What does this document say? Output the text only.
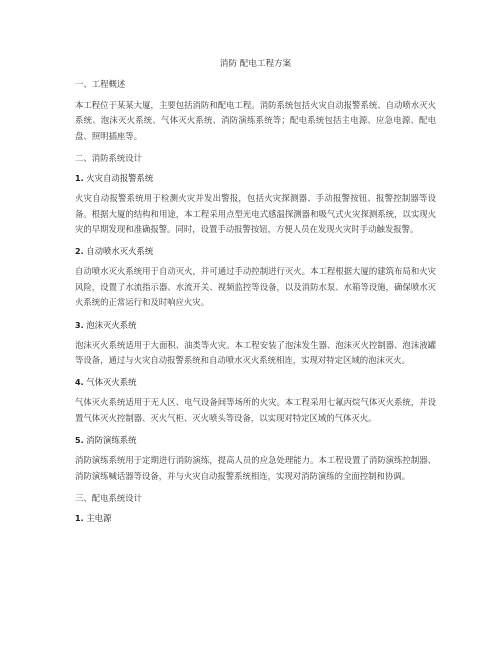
消防 配电工程方案
一、工程概述
本工程位于某某大厦，主要包括消防和配电工程。消防系统包括火灾自动报警系统、自动喷水灭火系统、泡沫灭火系统、气体灭火系统、消防演练系统等；配电系统包括主电源、应急电源、配电盘、照明插座等。
二、消防系统设计
1. 火灾自动报警系统
火灾自动报警系统用于检测火灾并发出警报，包括火灾探测器、手动报警按钮、报警控制器等设备。根据大厦的结构和用途，本工程采用点型光电式感温探测器和吸气式火灾探测系统，以实现火灾的早期发现和准确报警。同时，设置手动报警按钮，方便人员在发现火灾时手动触发报警。
2. 自动喷水灭火系统
自动喷水灭火系统用于自动灭火，并可通过手动控制进行灭火。本工程根据大厦的建筑布局和火灾风险，设置了水流指示器、水流开关、视频监控等设备，以及消防水泵、水箱等设施，确保喷水灭火系统的正常运行和及时响应火灾。
3. 泡沫灭火系统
泡沫灭火系统适用于大面积、油类等火灾。本工程安装了泡沫发生器、泡沫灭火控制器、泡沫液罐等设备，通过与火灾自动报警系统和自动喷水灭火系统相连，实现对特定区域的泡沫灭火。
4. 气体灭火系统
气体灭火系统适用于无人区、电气设备间等场所的火灾。本工程采用七氟丙烷气体灭火系统，并设置气体灭火控制器、灭火气柜、灭火喷头等设备，以实现对特定区域的气体灭火。
5. 消防演练系统
消防演练系统用于定期进行消防演练，提高人员的应急处理能力。本工程设置了消防演练控制器、消防演练喊话器等设备，并与火灾自动报警系统相连，实现对消防演练的全面控制和协调。
三、配电系统设计
1. 主电源
